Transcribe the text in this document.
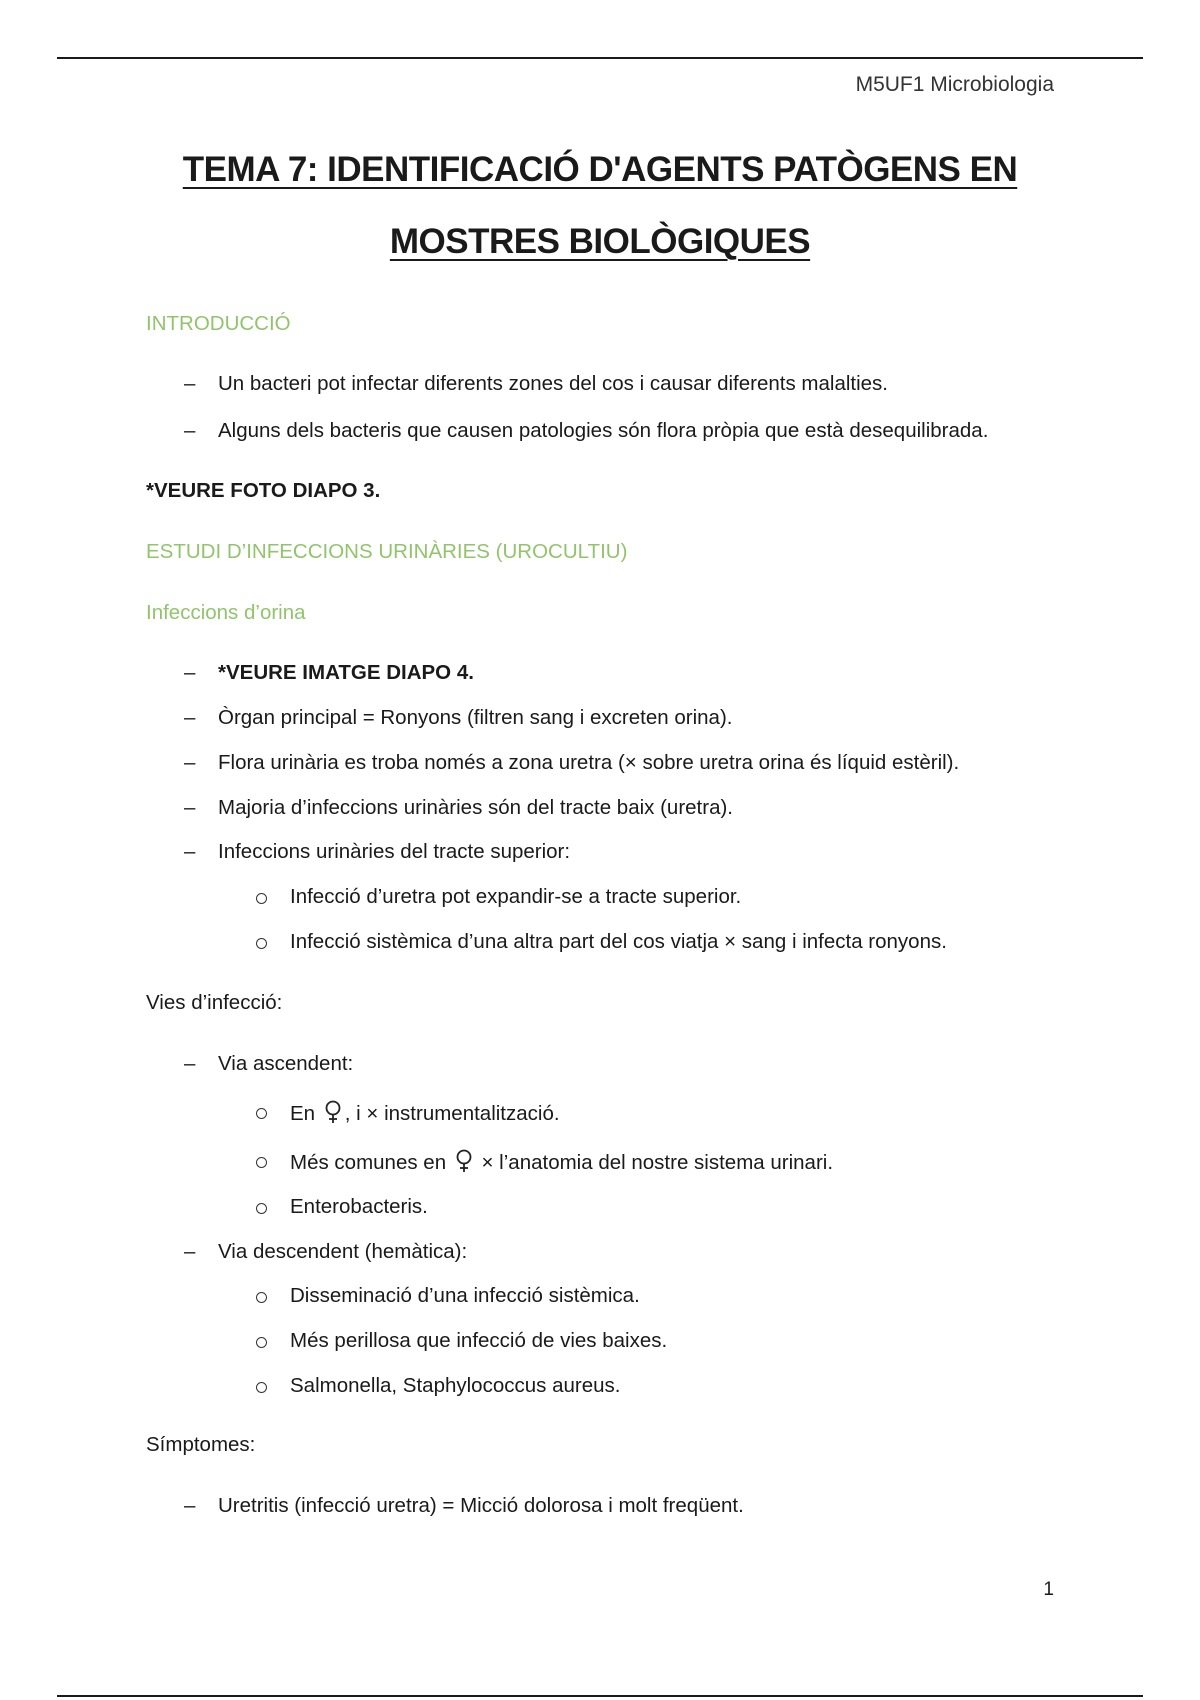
M5UF1 Microbiologia
TEMA 7: IDENTIFICACIÓ D'AGENTS PATÒGENS EN
MOSTRES BIOLÒGIQUES
INTRODUCCIÓ
–
Un bacteri pot infectar diferents zones del cos i causar diferents malalties.
–
Alguns dels bacteris que causen patologies són flora pròpia que està desequilibrada.
*VEURE FOTO DIAPO 3.
ESTUDI D’INFECCIONS URINÀRIES (UROCULTIU)
Infeccions d’orina
–
*VEURE IMATGE DIAPO 4.
–
Òrgan principal = Ronyons (filtren sang i excreten orina).
–
Flora urinària es troba només a zona uretra (× sobre uretra orina és líquid estèril).
–
Majoria d’infeccions urinàries són del tracte baix (uretra).
–
Infeccions urinàries del tracte superior:
Infecció d’uretra pot expandir-se a tracte superior.
Infecció sistèmica d’una altra part del cos viatja × sang i infecta ronyons.
Vies d’infecció:
–
Via ascendent:
En , i × instrumentalització.
Més comunes en × l’anatomia del nostre sistema urinari.
Enterobacteris.
–
Via descendent (hemàtica):
Disseminació d’una infecció sistèmica.
Més perillosa que infecció de vies baixes.
Salmonella, Staphylococcus aureus.
Símptomes:
–
Uretritis (infecció uretra) = Micció dolorosa i molt freqüent.
1
